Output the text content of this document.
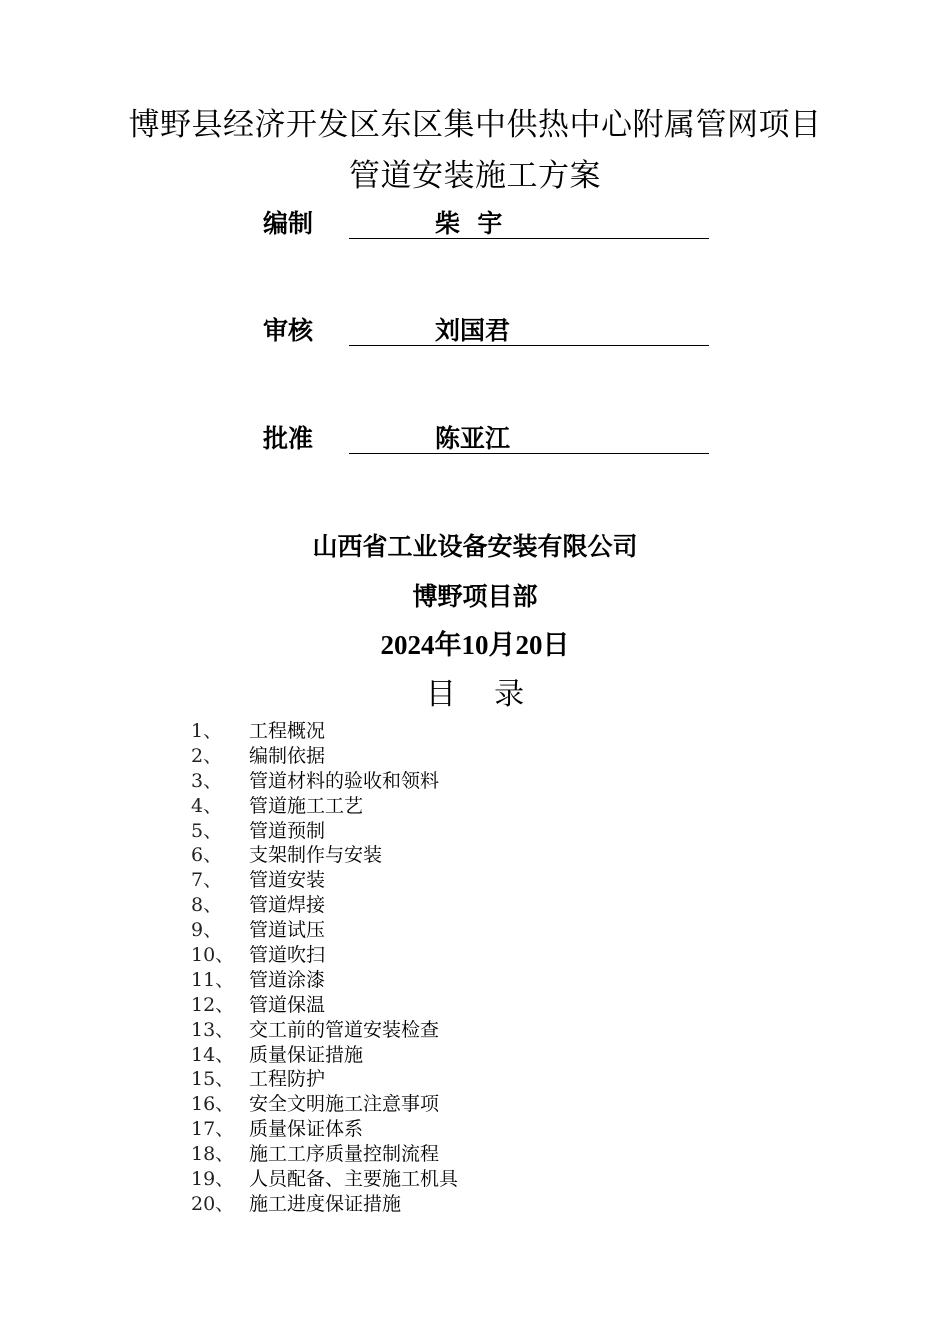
博野县经济开发区东区集中供热中心附属管网项目
管道安装施工方案
编制	柴  宇
审核	刘国君
批准	陈亚江
山西省工业设备安装有限公司
博野项目部
2024年10月20日
目    录
1、 工程概况
2、 编制依据
3、 管道材料的验收和领料
4、 管道施工工艺
5、 管道预制
6、 支架制作与安装
7、 管道安装
8、 管道焊接
9、 管道试压
10、 管道吹扫
11、 管道涂漆
12、 管道保温
13、 交工前的管道安装检查
14、 质量保证措施
15、 工程防护
16、 安全文明施工注意事项
17、 质量保证体系
18、 施工工序质量控制流程
19、 人员配备、主要施工机具
20、 施工进度保证措施
